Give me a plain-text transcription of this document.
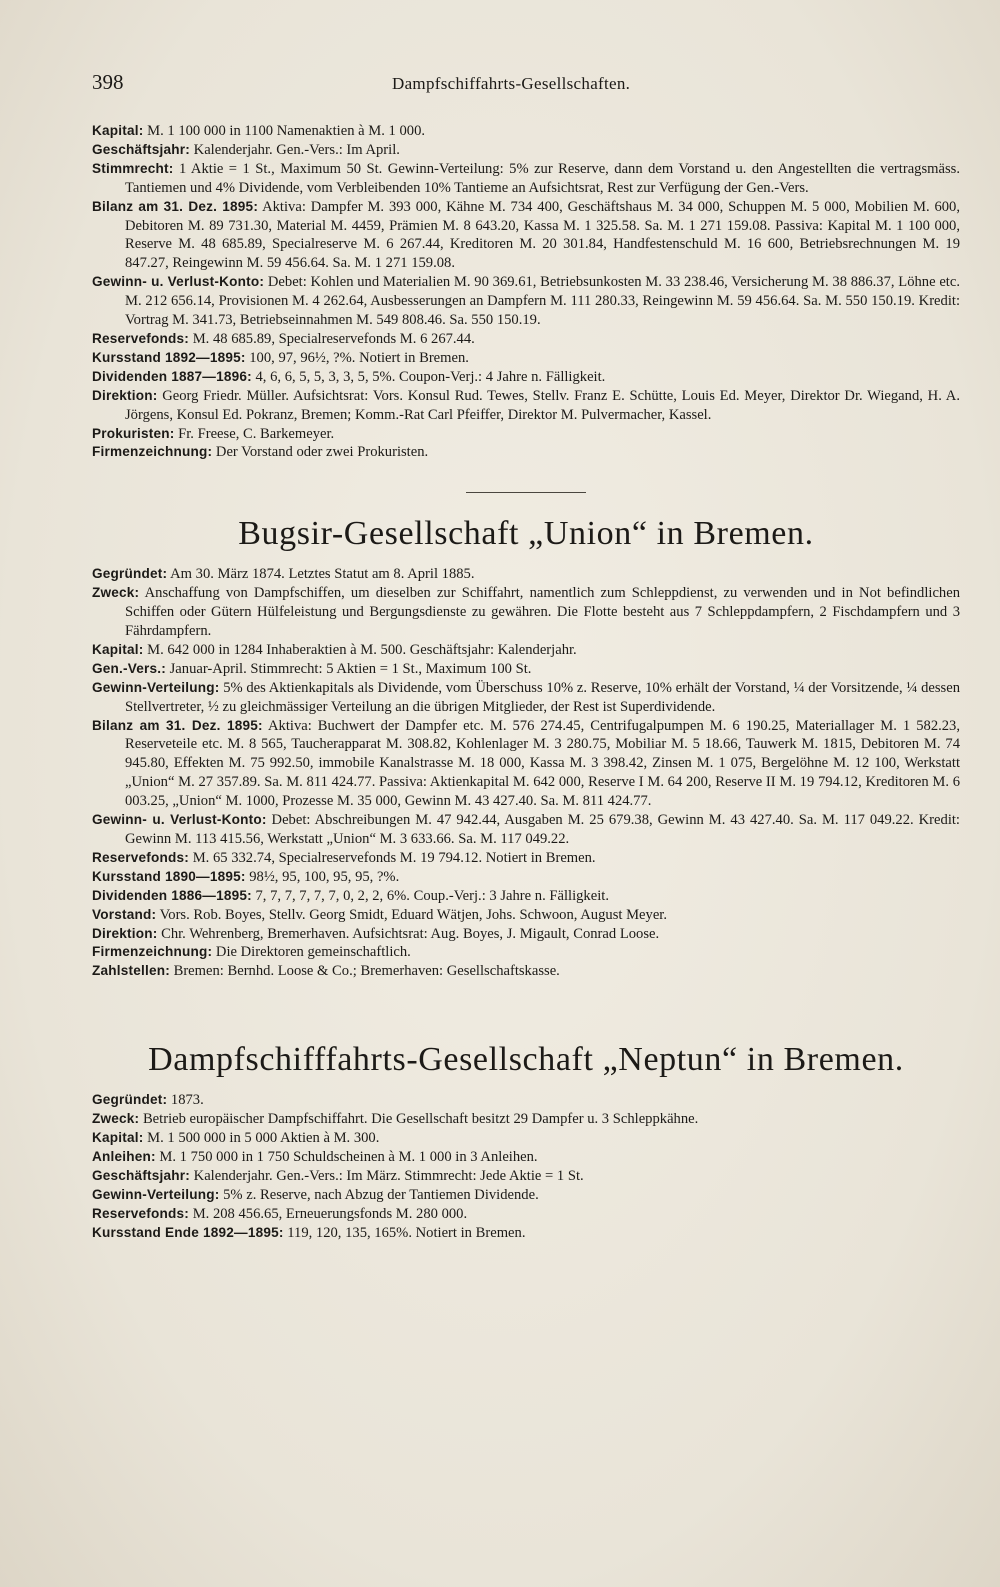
398	Dampfschiffahrts-Gesellschaften.
Kapital: M. 1 100 000 in 1100 Namenaktien à M. 1 000.
Geschäftsjahr: Kalenderjahr. Gen.-Vers.: Im April.
Stimmrecht: 1 Aktie = 1 St., Maximum 50 St. Gewinn-Verteilung: 5% zur Reserve, dann dem Vorstand u. den Angestellten die vertragsmäss. Tantiemen und 4% Dividende, vom Verbleibenden 10% Tantieme an Aufsichtsrat, Rest zur Verfügung der Gen.-Vers.
Bilanz am 31. Dez. 1895: Aktiva: Dampfer M. 393 000, Kähne M. 734 400, Geschäftshaus M. 34 000, Schuppen M. 5 000, Mobilien M. 600, Debitoren M. 89 731.30, Material M. 4459, Prämien M. 8 643.20, Kassa M. 1 325.58. Sa. M. 1 271 159.08. Passiva: Kapital M. 1 100 000, Reserve M. 48 685.89, Specialreserve M. 6 267.44, Kreditoren M. 20 301.84, Handfestenschuld M. 16 600, Betriebsrechnungen M. 19 847.27, Reingewinn M. 59 456.64. Sa. M. 1 271 159.08.
Gewinn- u. Verlust-Konto: Debet: Kohlen und Materialien M. 90 369.61, Betriebsunkosten M. 33 238.46, Versicherung M. 38 886.37, Löhne etc. M. 212 656.14, Provisionen M. 4 262.64, Ausbesserungen an Dampfern M. 111 280.33, Reingewinn M. 59 456.64. Sa. M. 550 150.19. Kredit: Vortrag M. 341.73, Betriebseinnahmen M. 549 808.46. Sa. 550 150.19.
Reservefonds: M. 48 685.89, Specialreservefonds M. 6 267.44.
Kursstand 1892—1895: 100, 97, 96½, ?%. Notiert in Bremen.
Dividenden 1887—1896: 4, 6, 6, 5, 5, 3, 3, 5, 5%. Coupon-Verj.: 4 Jahre n. Fälligkeit.
Direktion: Georg Friedr. Müller. Aufsichtsrat: Vors. Konsul Rud. Tewes, Stellv. Franz E. Schütte, Louis Ed. Meyer, Direktor Dr. Wiegand, H. A. Jörgens, Konsul Ed. Pokranz, Bremen; Komm.-Rat Carl Pfeiffer, Direktor M. Pulvermacher, Kassel.
Prokuristen: Fr. Freese, C. Barkemeyer.
Firmenzeichnung: Der Vorstand oder zwei Prokuristen.
Bugsir-Gesellschaft „Union“ in Bremen.
Gegründet: Am 30. März 1874. Letztes Statut am 8. April 1885.
Zweck: Anschaffung von Dampfschiffen, um dieselben zur Schiffahrt, namentlich zum Schleppdienst, zu verwenden und in Not befindlichen Schiffen oder Gütern Hülfeleistung und Bergungsdienste zu gewähren. Die Flotte besteht aus 7 Schleppdampfern, 2 Fischdampfern und 3 Fährdampfern.
Kapital: M. 642 000 in 1284 Inhaberaktien à M. 500. Geschäftsjahr: Kalenderjahr.
Gen.-Vers.: Januar-April. Stimmrecht: 5 Aktien = 1 St., Maximum 100 St.
Gewinn-Verteilung: 5% des Aktienkapitals als Dividende, vom Überschuss 10% z. Reserve, 10% erhält der Vorstand, ¼ der Vorsitzende, ¼ dessen Stellvertreter, ½ zu gleichmässiger Verteilung an die übrigen Mitglieder, der Rest ist Superdividende.
Bilanz am 31. Dez. 1895: Aktiva: Buchwert der Dampfer etc. M. 576 274.45, Centrifugalpumpen M. 6 190.25, Materiallager M. 1 582.23, Reserveteile etc. M. 8 565, Taucherapparat M. 308.82, Kohlenlager M. 3 280.75, Mobiliar M. 5 18.66, Tauwerk M. 1815, Debitoren M. 74 945.80, Effekten M. 75 992.50, immobile Kanalstrasse M. 18 000, Kassa M. 3 398.42, Zinsen M. 1 075, Bergelöhne M. 12 100, Werkstatt „Union“ M. 27 357.89. Sa. M. 811 424.77. Passiva: Aktienkapital M. 642 000, Reserve I M. 64 200, Reserve II M. 19 794.12, Kreditoren M. 6 003.25, „Union“ M. 1000, Prozesse M. 35 000, Gewinn M. 43 427.40. Sa. M. 811 424.77.
Gewinn- u. Verlust-Konto: Debet: Abschreibungen M. 47 942.44, Ausgaben M. 25 679.38, Gewinn M. 43 427.40. Sa. M. 117 049.22. Kredit: Gewinn M. 113 415.56, Werkstatt „Union“ M. 3 633.66. Sa. M. 117 049.22.
Reservefonds: M. 65 332.74, Specialreservefonds M. 19 794.12. Notiert in Bremen.
Kursstand 1890—1895: 98½, 95, 100, 95, 95, ?%.
Dividenden 1886—1895: 7, 7, 7, 7, 7, 7, 0, 2, 2, 6%. Coup.-Verj.: 3 Jahre n. Fälligkeit.
Vorstand: Vors. Rob. Boyes, Stellv. Georg Smidt, Eduard Wätjen, Johs. Schwoon, August Meyer.
Direktion: Chr. Wehrenberg, Bremerhaven. Aufsichtsrat: Aug. Boyes, J. Migault, Conrad Loose.
Firmenzeichnung: Die Direktoren gemeinschaftlich.
Zahlstellen: Bremen: Bernhd. Loose & Co.; Bremerhaven: Gesellschaftskasse.
Dampfschifffahrts-Gesellschaft „Neptun“ in Bremen.
Gegründet: 1873.
Zweck: Betrieb europäischer Dampfschiffahrt. Die Gesellschaft besitzt 29 Dampfer u. 3 Schleppkähne.
Kapital: M. 1 500 000 in 5 000 Aktien à M. 300.
Anleihen: M. 1 750 000 in 1 750 Schuldscheinen à M. 1 000 in 3 Anleihen.
Geschäftsjahr: Kalenderjahr. Gen.-Vers.: Im März. Stimmrecht: Jede Aktie = 1 St.
Gewinn-Verteilung: 5% z. Reserve, nach Abzug der Tantiemen Dividende.
Reservefonds: M. 208 456.65, Erneuerungsfonds M. 280 000.
Kursstand Ende 1892—1895: 119, 120, 135, 165%. Notiert in Bremen.
